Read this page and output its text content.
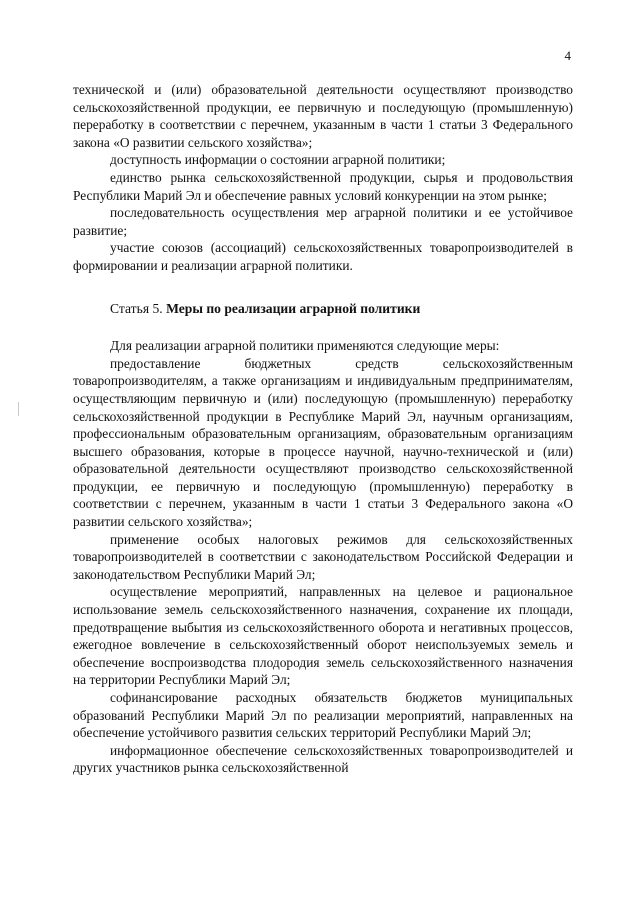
4

технической и (или) образовательной деятельности осуществляют производство сельскохозяйственной продукции, ее первичную и последующую (промышленную) переработку в соответствии с перечнем, указанным в части 1 статьи 3 Федерального закона «О развитии сельского хозяйства»;

доступность информации о состоянии аграрной политики;

единство рынка сельскохозяйственной продукции, сырья и продовольствия Республики Марий Эл и обеспечение равных условий конкуренции на этом рынке;

последовательность осуществления мер аграрной политики и ее устойчивое развитие;

участие союзов (ассоциаций) сельскохозяйственных товаропроизводителей в формировании и реализации аграрной политики.

Статья 5. Меры по реализации аграрной политики

Для реализации аграрной политики применяются следующие меры:

предоставление бюджетных средств сельскохозяйственным товаропроизводителям, а также организациям и индивидуальным предпринимателям, осуществляющим первичную и (или) последующую (промышленную) переработку сельскохозяйственной продукции в Республике Марий Эл, научным организациям, профессиональным образовательным организациям, образовательным организациям высшего образования, которые в процессе научной, научно-технической и (или) образовательной деятельности осуществляют производство сельскохозяйственной продукции, ее первичную и последующую (промышленную) переработку в соответствии с перечнем, указанным в части 1 статьи 3 Федерального закона «О развитии сельского хозяйства»;

применение особых налоговых режимов для сельскохозяйственных товаропроизводителей в соответствии с законодательством Российской Федерации и законодательством Республики Марий Эл;

осуществление мероприятий, направленных на целевое и рациональное использование земель сельскохозяйственного назначения, сохранение их площади, предотвращение выбытия из сельскохозяйственного оборота и негативных процессов, ежегодное вовлечение в сельскохозяйственный оборот неиспользуемых земель и обеспечение воспроизводства плодородия земель сельскохозяйственного назначения на территории Республики Марий Эл;

софинансирование расходных обязательств бюджетов муниципальных образований Республики Марий Эл по реализации мероприятий, направленных на обеспечение устойчивого развития сельских территорий Республики Марий Эл;

информационное обеспечение сельскохозяйственных товаропроизводителей и других участников рынка сельскохозяйственной
